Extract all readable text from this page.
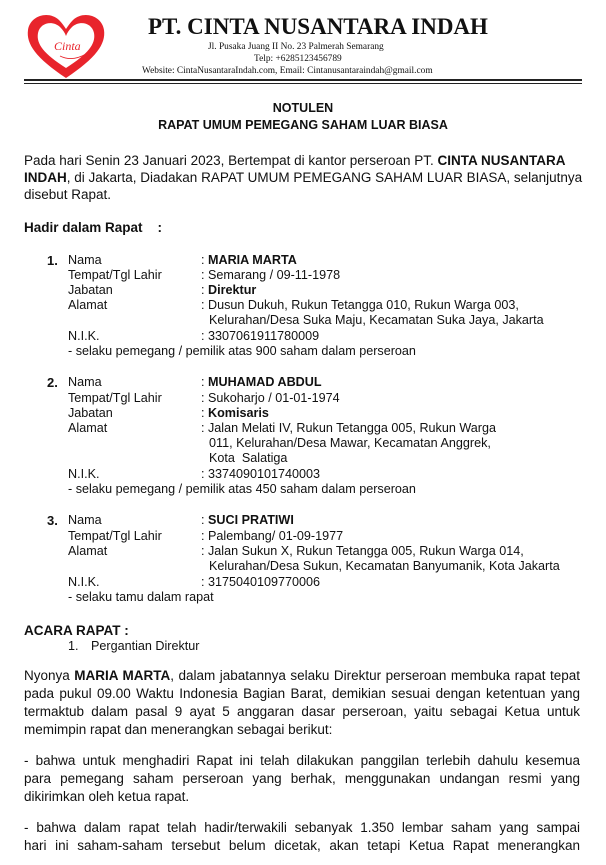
Cinta
PT. CINTA NUSANTARA INDAH
Jl. Pusaka Juang II No. 23 Palmerah Semarang
Telp: +6285123456789
Website: CintaNusantaraIndah.com, Email: Cintanusantaraindah@gmail.com
NOTULEN
RAPAT UMUM PEMEGANG SAHAM LUAR BIASA
Pada hari Senin 23 Januari 2023, Bertempat di kantor perseroan PT. CINTA NUSANTARA
INDAH, di Jakarta, Diadakan RAPAT UMUM PEMEGANG SAHAM LUAR BIASA, selanjutnya
disebut Rapat.
Hadir dalam Rapat    :
1. Nama	: MARIA MARTA
Tempat/Tgl Lahir	: Semarang / 09-11-1978
Jabatan	: Direktur
Alamat	: Dusun Dukuh, Rukun Tetangga 010, Rukun Warga 003,
Kelurahan/Desa Suka Maju, Kecamatan Suka Jaya, Jakarta
N.I.K.	: 3307061911780009
- selaku pemegang / pemilik atas 900 saham dalam perseroan
2. Nama	: MUHAMAD ABDUL
Tempat/Tgl Lahir	: Sukoharjo / 01-01-1974
Jabatan	: Komisaris
Alamat	: Jalan Melati IV, Rukun Tetangga 005, Rukun Warga
011, Kelurahan/Desa Mawar, Kecamatan Anggrek,
Kota  Salatiga
N.I.K.	: 3374090101740003
- selaku pemegang / pemilik atas 450 saham dalam perseroan
3. Nama	: SUCI PRATIWI
Tempat/Tgl Lahir	: Palembang/ 01-09-1977
Alamat	: Jalan Sukun X, Rukun Tetangga 005, Rukun Warga 014,
Kelurahan/Desa Sukun, Kecamatan Banyumanik, Kota Jakarta
N.I.K.	: 3175040109770006
- selaku tamu dalam rapat
ACARA RAPAT :
1. Pergantian Direktur
Nyonya MARIA MARTA, dalam jabatannya selaku Direktur perseroan membuka rapat tepat
pada pukul 09.00 Waktu Indonesia Bagian Barat, demikian sesuai dengan ketentuan yang
termaktub dalam pasal 9 ayat 5 anggaran dasar perseroan, yaitu sebagai Ketua untuk
memimpin rapat dan menerangkan sebagai berikut:
- bahwa untuk menghadiri Rapat ini telah dilakukan panggilan terlebih dahulu kesemua
para pemegang saham perseroan yang berhak, menggunakan undangan resmi yang
dikirimkan oleh ketua rapat.
- bahwa dalam rapat telah hadir/terwakili sebanyak 1.350 lembar saham yang sampai
hari ini saham-saham tersebut belum dicetak, akan tetapi Ketua Rapat menerangkan
